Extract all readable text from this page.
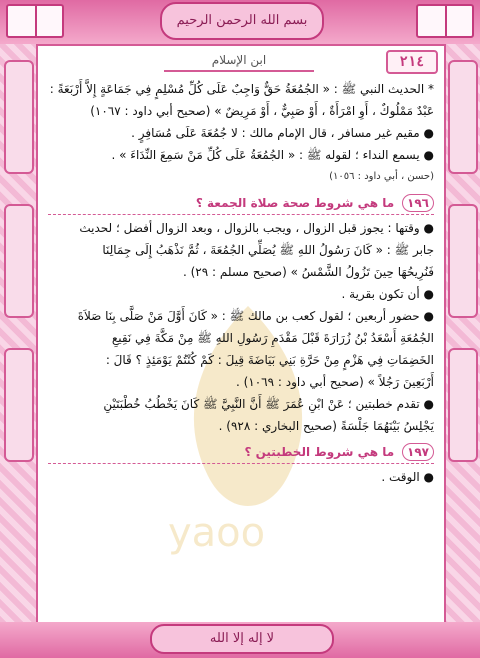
بسم الله الرحمن الرحيم
yaoo
٢١٤
ابن الإسلام
* الحديث النبي ﷺ : « الجُمُعَةُ حَقٌّ وَاجِبٌ عَلَى كُلِّ مُسْلِمٍ فِي جَمَاعَةٍ إِلاَّ أَرْبَعَةً :
عَبْدٌ مَمْلُوكٌ ، أَوِ امْرَأَةٌ ، أَوْ صَبِيٌّ ، أَوْ مَرِيضٌ » (صحيح أبي داود : ١٠٦٧)
● مقيم غير مسافر ، قال الإمام مالك : لا جُمُعَةَ عَلَى مُسَافِرٍ .
● يسمع النداء ؛ لقوله ﷺ : « الجُمُعَةُ عَلَى كُلِّ مَنْ سَمِعَ النِّدَاءَ » .
(حسن ، أبي داود : ١٠٥٦)
١٩٦ ما هي شروط صحة صلاة الجمعة ؟
● وقتها : يجوز قبل الزوال ، ويجب بالزوال ، وبعد الزوال أفضل ؛ لحديث
جابر ﷺ : « كَانَ رَسُولُ اللهِ ﷺ يُصَلِّي الجُمُعَةَ ، ثُمَّ نَذْهَبُ إِلَى جِمَالِنَا
فَنُرِيحُهَا حِينَ تَزُولُ الشَّمْسُ » (صحيح مسلم : ٢٩) .
● أن تكون بقرية .
● حضور أربعين ؛ لقول كعب بن مالك ﷺ : « كَانَ أَوَّلَ مَنْ صَلَّى بِنَا صَلاَةَ
الجُمُعَةِ أَسْعَدُ بْنُ زُرَارَةَ قَبْلَ مَقْدَمِ رَسُولِ اللهِ ﷺ مِنْ مَكَّةَ فِي نَقِيعِ
الخَضِمَاتِ فِي هَزْمٍ مِنْ حَرَّةِ بَنِي بَيَاضَةَ قِيلَ : كَمْ كُنْتُمْ يَوْمَئِذٍ ؟ قَالَ :
أَرْبَعِينَ رَجُلاً » (صحيح أبي داود : ١٠٦٩) .
● تقدم خطبتين ؛ عَنْ ابْنِ عُمَرَ ﷺ أَنَّ النَّبِيَّ ﷺ كَانَ يَخْطُبُ خُطْبَتَيْنِ
يَجْلِسُ بَيْنَهُمَا جَلْسَةً (صحيح البخاري : ٩٢٨) .
١٩٧ ما هي شروط الخطبتين ؟
● الوقت .
لا إله إلا الله
